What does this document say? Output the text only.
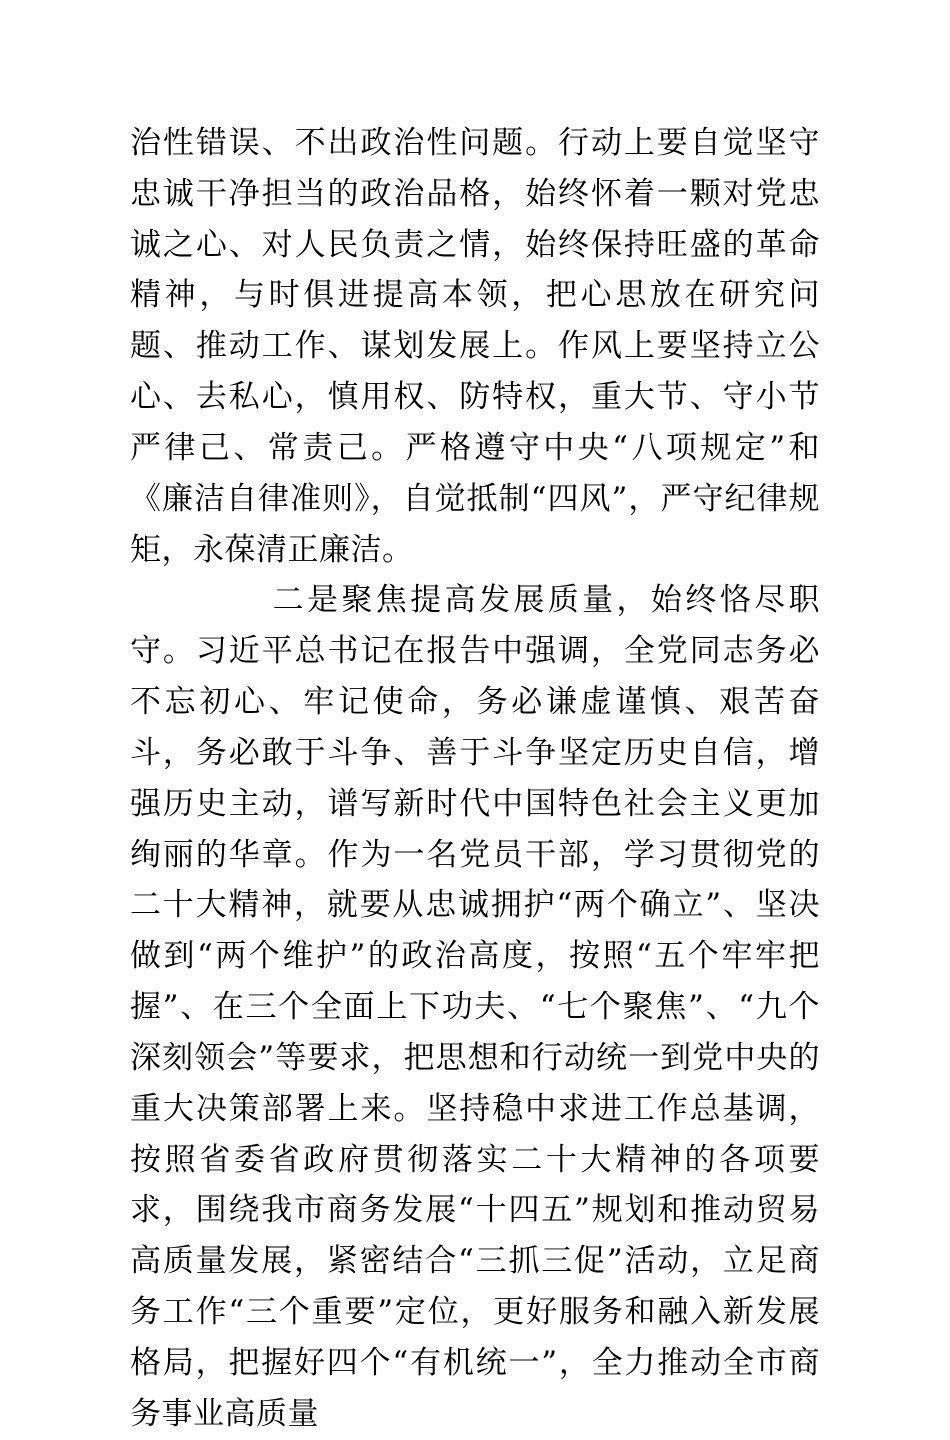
治性错误、不出政治性问题。行动上要自觉坚守忠诚干净担当的政治品格，始终怀着一颗对党忠诚之心、对人民负责之情，始终保持旺盛的革命精神，与时俱进提高本领，把心思放在研究问题、推动工作、谋划发展上。作风上要坚持立公心、去私心，慎用权、防特权，重大节、守小节严律己、常责己。严格遵守中央“八项规定”和《廉洁自律准则》，自觉抵制“四风”，严守纪律规矩，永葆清正廉洁。

二是聚焦提高发展质量，始终恪尽职守。习近平总书记在报告中强调，全党同志务必不忘初心、牢记使命，务必谦虚谨慎、艰苦奋斗，务必敢于斗争、善于斗争坚定历史自信，增强历史主动，谱写新时代中国特色社会主义更加绚丽的华章。作为一名党员干部，学习贯彻党的二十大精神，就要从忠诚拥护“两个确立”、坚决做到“两个维护”的政治高度，按照“五个牢牢把握”、在三个全面上下功夫、“七个聚焦”、“九个深刻领会”等要求，把思想和行动统一到党中央的重大决策部署上来。坚持稳中求进工作总基调，按照省委省政府贯彻落实二十大精神的各项要求，围绕我市商务发展“十四五”规划和推动贸易高质量发展，紧密结合“三抓三促”活动，立足商务工作“三个重要”定位，更好服务和融入新发展格局，把握好四个“有机统一”，全力推动全市商务事业高质量
